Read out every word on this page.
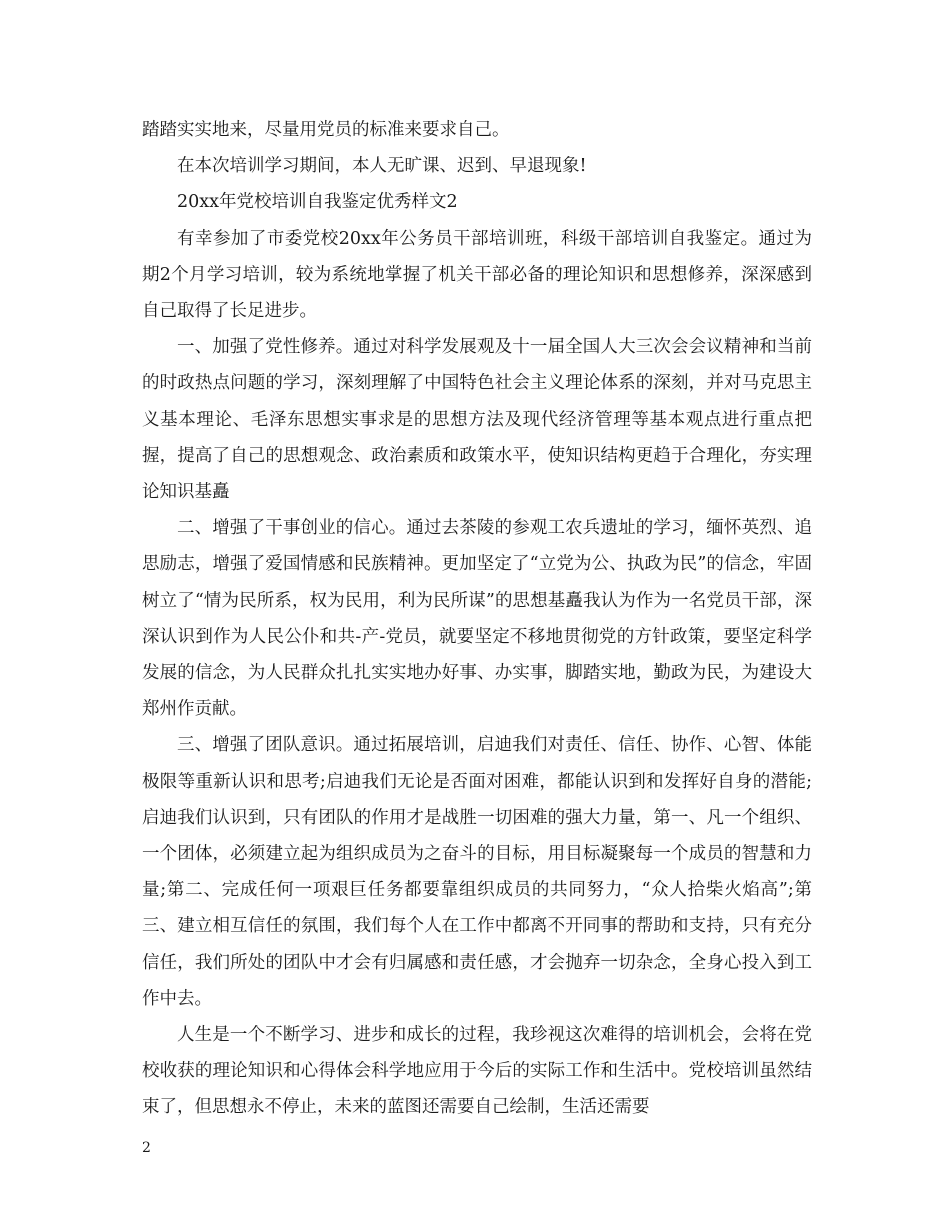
踏踏实实地来，尽量用党员的标准来要求自己。

在本次培训学习期间，本人无旷课、迟到、早退现象!

20xx年党校培训自我鉴定优秀样文2

有幸参加了市委党校20xx年公务员干部培训班，科级干部培训自我鉴定。通过为期2个月学习培训，较为系统地掌握了机关干部必备的理论知识和思想修养，深深感到自己取得了长足进步。

一、加强了党性修养。通过对科学发展观及十一届全国人大三次会会议精神和当前的时政热点问题的学习，深刻理解了中国特色社会主义理论体系的深刻，并对马克思主义基本理论、毛泽东思想实事求是的思想方法及现代经济管理等基本观点进行重点把握，提高了自己的思想观念、政治素质和政策水平，使知识结构更趋于合理化，夯实理论知识基矗

二、增强了干事创业的信心。通过去茶陵的参观工农兵遗址的学习，缅怀英烈、追思励志，增强了爱国情感和民族精神。更加坚定了“立党为公、执政为民”的信念，牢固树立了“情为民所系，权为民用，利为民所谋”的思想基矗我认为作为一名党员干部，深深认识到作为人民公仆和共-产-党员，就要坚定不移地贯彻党的方针政策，要坚定科学发展的信念，为人民群众扎扎实实地办好事、办实事，脚踏实地，勤政为民，为建设大郑州作贡献。

三、增强了团队意识。通过拓展培训，启迪我们对责任、信任、协作、心智、体能极限等重新认识和思考;启迪我们无论是否面对困难，都能认识到和发挥好自身的潜能;启迪我们认识到，只有团队的作用才是战胜一切困难的强大力量，第一、凡一个组织、一个团体，必须建立起为组织成员为之奋斗的目标，用目标凝聚每一个成员的智慧和力量;第二、完成任何一项艰巨任务都要靠组织成员的共同努力，“众人拾柴火焰高”;第三、建立相互信任的氛围，我们每个人在工作中都离不开同事的帮助和支持，只有充分信任，我们所处的团队中才会有归属感和责任感，才会抛弃一切杂念，全身心投入到工作中去。

人生是一个不断学习、进步和成长的过程，我珍视这次难得的培训机会，会将在党校收获的理论知识和心得体会科学地应用于今后的实际工作和生活中。党校培训虽然结束了，但思想永不停止，未来的蓝图还需要自己绘制，生活还需要

2
